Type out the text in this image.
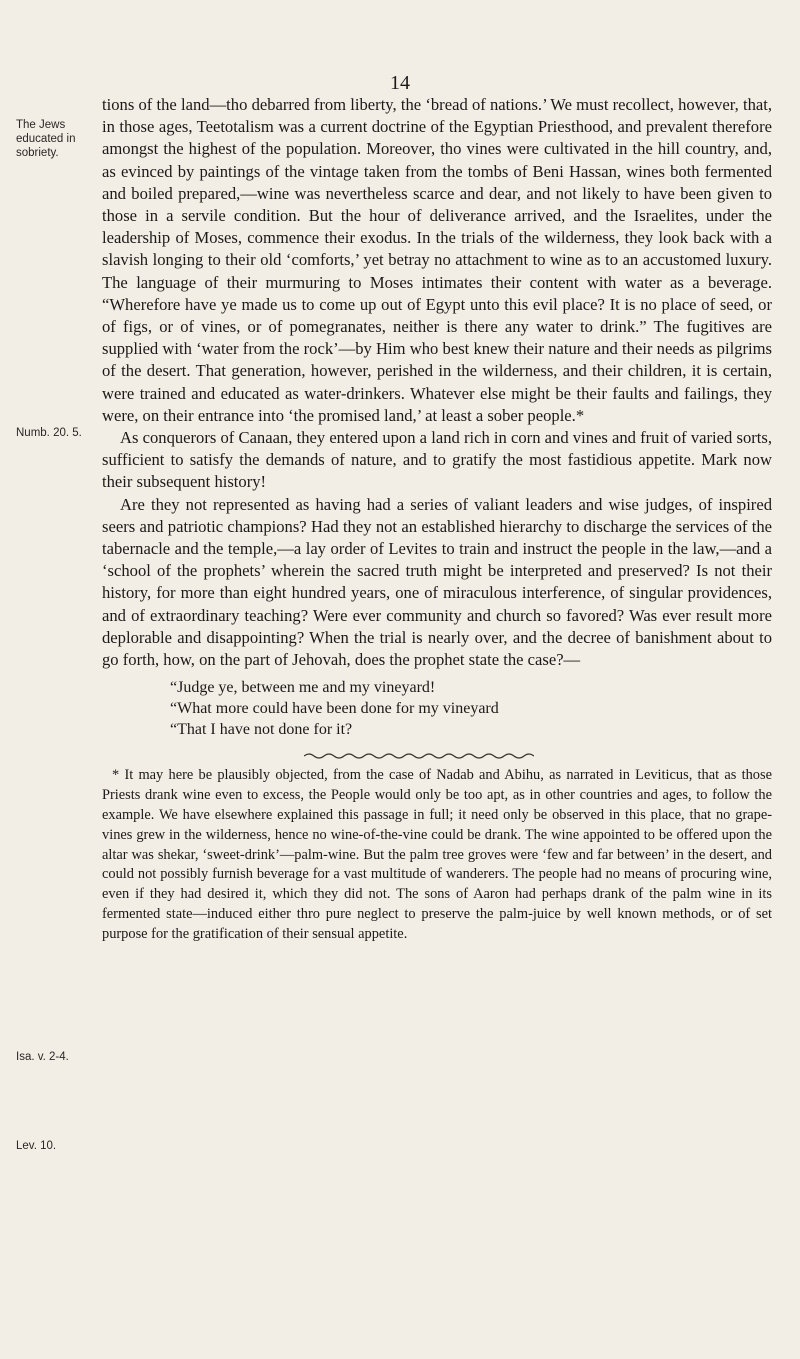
14
The Jews educated in sobriety.
Numb. 20. 5.
Isa. v. 2-4.
Lev. 10.

tions of the land—tho debarred from liberty, the ‘bread of nations.’ We must recollect, however, that, in those ages, Teetotalism was a current doctrine of the Egyptian Priesthood, and prevalent therefore amongst the highest of the population. Moreover, tho vines were cultivated in the hill country, and, as evinced by paintings of the vintage taken from the tombs of Beni Hassan, wines both fermented and boiled prepared,—wine was nevertheless scarce and dear, and not likely to have been given to those in a servile condition. But the hour of deliverance arrived, and the Israelites, under the leadership of Moses, commence their exodus. In the trials of the wilderness, they look back with a slavish longing to their old ‘comforts,’ yet betray no attachment to wine as to an accustomed luxury. The language of their murmuring to Moses intimates their content with water as a beverage. “Wherefore have ye made us to come up out of Egypt unto this evil place? It is no place of seed, or of figs, or of vines, or of pomegranates, neither is there any water to drink.” The fugitives are supplied with ‘water from the rock’—by Him who best knew their nature and their needs as pilgrims of the desert. That generation, however, perished in the wilderness, and their children, it is certain, were trained and educated as water-drinkers. Whatever else might be their faults and failings, they were, on their entrance into ‘the promised land,’ at least a sober people.*

As conquerors of Canaan, they entered upon a land rich in corn and vines and fruit of varied sorts, sufficient to satisfy the demands of nature, and to gratify the most fastidious appetite. Mark now their subsequent history!

Are they not represented as having had a series of valiant leaders and wise judges, of inspired seers and patriotic champions? Had they not an established hierarchy to discharge the services of the tabernacle and the temple,—a lay order of Levites to train and instruct the people in the law,—and a ‘school of the prophets’ wherein the sacred truth might be interpreted and preserved? Is not their history, for more than eight hundred years, one of miraculous interference, of singular providences, and of extraordinary teaching? Were ever community and church so favored? Was ever result more deplorable and disappointing? When the trial is nearly over, and the decree of banishment about to go forth, how, on the part of Jehovah, does the prophet state the case?—

“Judge ye, between me and my vineyard!
“What more could have been done for my vineyard
“That I have not done for it?

* It may here be plausibly objected, from the case of Nadab and Abihu, as narrated in Leviticus, that as those Priests drank wine even to excess, the People would only be too apt, as in other countries and ages, to follow the example. We have elsewhere explained this passage in full; it need only be observed in this place, that no grape-vines grew in the wilderness, hence no wine-of-the-vine could be drank. The wine appointed to be offered upon the altar was shekar, ‘sweet-drink’—palm-wine. But the palm tree groves were ‘few and far between’ in the desert, and could not possibly furnish beverage for a vast multitude of wanderers. The people had no means of procuring wine, even if they had desired it, which they did not. The sons of Aaron had perhaps drank of the palm wine in its fermented state—induced either thro pure neglect to preserve the palm-juice by well known methods, or of set purpose for the gratification of their sensual appetite.
